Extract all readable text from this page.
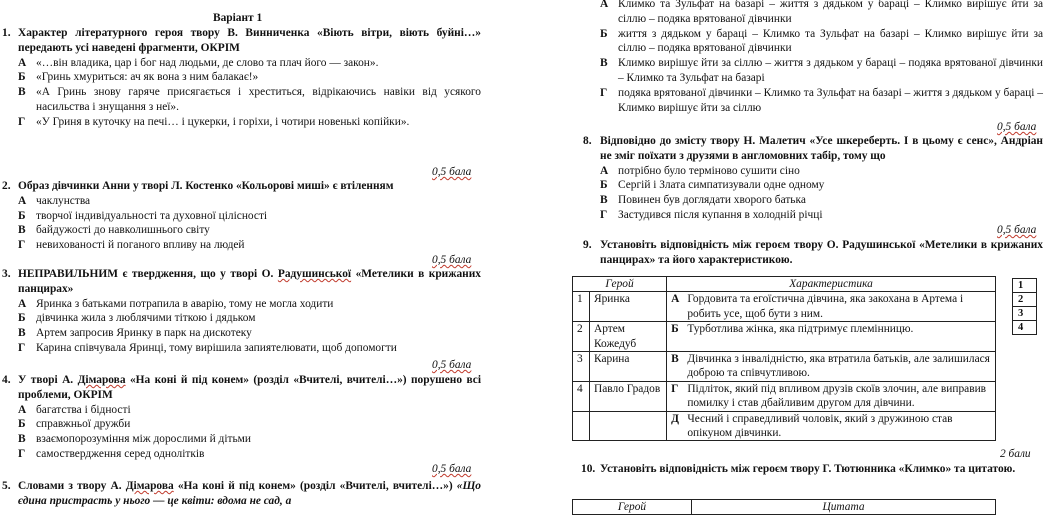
Варіант 1
1. Характер літературного героя твору В. Винниченка «Віють вітри, віють буйні…» передають усі наведені фрагменти, ОКРІМ
А «…він владика, цар і бог над людьми, де слово та плач його — закон».
Б «Гринь хмуриться: ач як вона з ним балакає!»
В «А Гринь знову гаряче присягається і хреститься, відрікаючись навіки від усякого насильства і знущання з неї».
Г «У Гриня в куточку на печі… і цукерки, і горіхи, і чотири новенькі копійки».
0,5 бала
2. Образ дівчинки Анни у творі Л. Костенко «Кольорові миші» є втіленням
А чаклунства
Б творчої індивідуальності та духовної цілісності
В байдужості до навколишнього світу
Г невихованості й поганого впливу на людей
0,5 бала
3. НЕПРАВИЛЬНИМ є твердження, що у творі О. Радушинської «Метелики в крижаних панцирах»
А Яринка з батьками потрапила в аварію, тому не могла ходити
Б дівчинка жила з люблячими тіткою і дядьком
В Артем запросив Яринку в парк на дискотеку
Г Карина співчувала Яринці, тому вирішила запиятелювати, щоб допомогти
0,5 бала
4. У творі А. Дімарова «На коні й під конем» (розділ «Вчителі, вчителі…») порушено всі проблеми, ОКРІМ
А багатства і бідності
Б справжньої дружби
В взаємопорозуміння між дорослими й дітьми
Г самоствердження серед однолітків
0,5 бала
5. Словами з твору А. Дімарова «На коні й під конем» (розділ «Вчителі, вчителі…») «Що єдина пристрасть у нього — це квіти: вдома не сад, а
А Климко та Зульфат на базарі – життя з дядьком у бараці – Климко вирішує йти за сіллю – подяка врятованої дівчинки
Б життя з дядьком у бараці – Климко та Зульфат на базарі – Климко вирішує йти за сіллю – подяка врятованої дівчинки
В Климко вирішує йти за сіллю – життя з дядьком у бараці – подяка врятованої дівчинки – Климко та Зульфат на базарі
Г подяка врятованої дівчинки – Климко та Зульфат на базарі – життя з дядьком у бараці – Климко вирішує йти за сіллю
0,5 бала
8. Відповідно до змісту твору Н. Малетич «Усе шкереберть. І в цьому є сенс», Андріан не зміг поїхати з друзями в англомовних табір, тому що
А потрібно було терміново сушити сіно
Б Сергій і Злата симпатизували одне одному
В Повинен був доглядати хворого батька
Г Застудився після купання в холодній річці
0,5 бала
9. Установіть відповідність між героєм твору О. Радушинської «Метелики в крижаних панцирах» та його характеристикою.
Герой		Характеристика	
1	Яринка	А	Гордовита та егоїстична дівчина, яка закохана в Артема і робить усе, щоб бути з ним.
2	Артем Кожедуб	Б	Турботлива жінка, яка підтримує племінницю.
3	Карина	В	Дівчинка з інвалідністю, яка втратила батьків, але залишилася доброю та співчутливою.
4	Павло Градов	Г	Підліток, який під впливом друзів скоїв злочин, але виправив помилку і став дбайливим другом для дівчини.
		Д	Чесний і справедливий чоловік, який з дружиною став опікуном дівчинки.
1
2
3
4
2 бали
10. Установіть відповідність між героєм твору Г. Тютюнника «Климко» та цитатою.
Герой	Цитата
